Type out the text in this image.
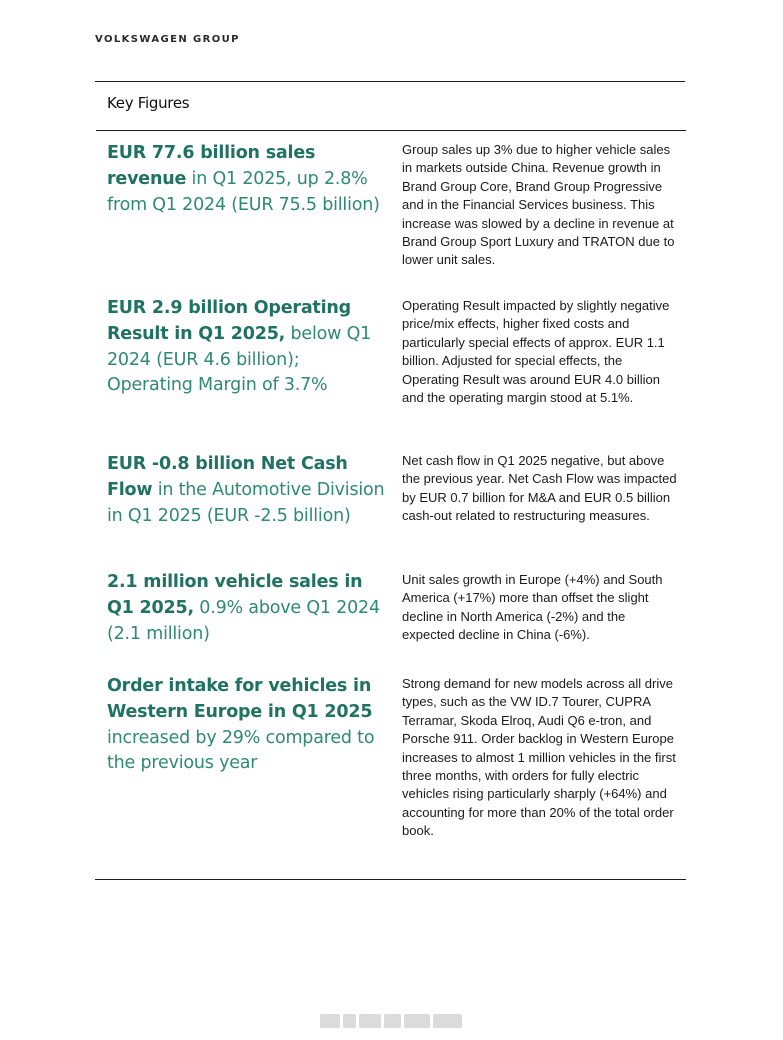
VOLKSWAGEN GROUP
Key Figures
EUR 77.6 billion sales revenue in Q1 2025, up 2.8% from Q1 2024 (EUR 75.5 billion)
Group sales up 3% due to higher vehicle sales in markets outside China. Revenue growth in Brand Group Core, Brand Group Progressive and in the Financial Services business. This increase was slowed by a decline in revenue at Brand Group Sport Luxury and TRATON due to lower unit sales.
EUR 2.9 billion Operating Result in Q1 2025, below Q1 2024 (EUR 4.6 billion); Operating Margin of 3.7%
Operating Result impacted by slightly negative price/mix effects, higher fixed costs and particularly special effects of approx. EUR 1.1 billion. Adjusted for special effects, the Operating Result was around EUR 4.0 billion and the operating margin stood at 5.1%.
EUR -0.8 billion Net Cash Flow in the Automotive Division in Q1 2025 (EUR -2.5 billion)
Net cash flow in Q1 2025 negative, but above the previous year. Net Cash Flow was impacted by EUR 0.7 billion for M&A and EUR 0.5 billion cash-out related to restructuring measures.
2.1 million vehicle sales in Q1 2025, 0.9% above Q1 2024 (2.1 million)
Unit sales growth in Europe (+4%) and South America (+17%) more than offset the slight decline in North America (-2%) and the expected decline in China (-6%).
Order intake for vehicles in Western Europe in Q1 2025 increased by 29% compared to the previous year
Strong demand for new models across all drive types, such as the VW ID.7 Tourer, CUPRA Terramar, Skoda Elroq, Audi Q6 e-tron, and Porsche 911. Order backlog in Western Europe increases to almost 1 million vehicles in the first three months, with orders for fully electric vehicles rising particularly sharply (+64%) and accounting for more than 20% of the total order book.
